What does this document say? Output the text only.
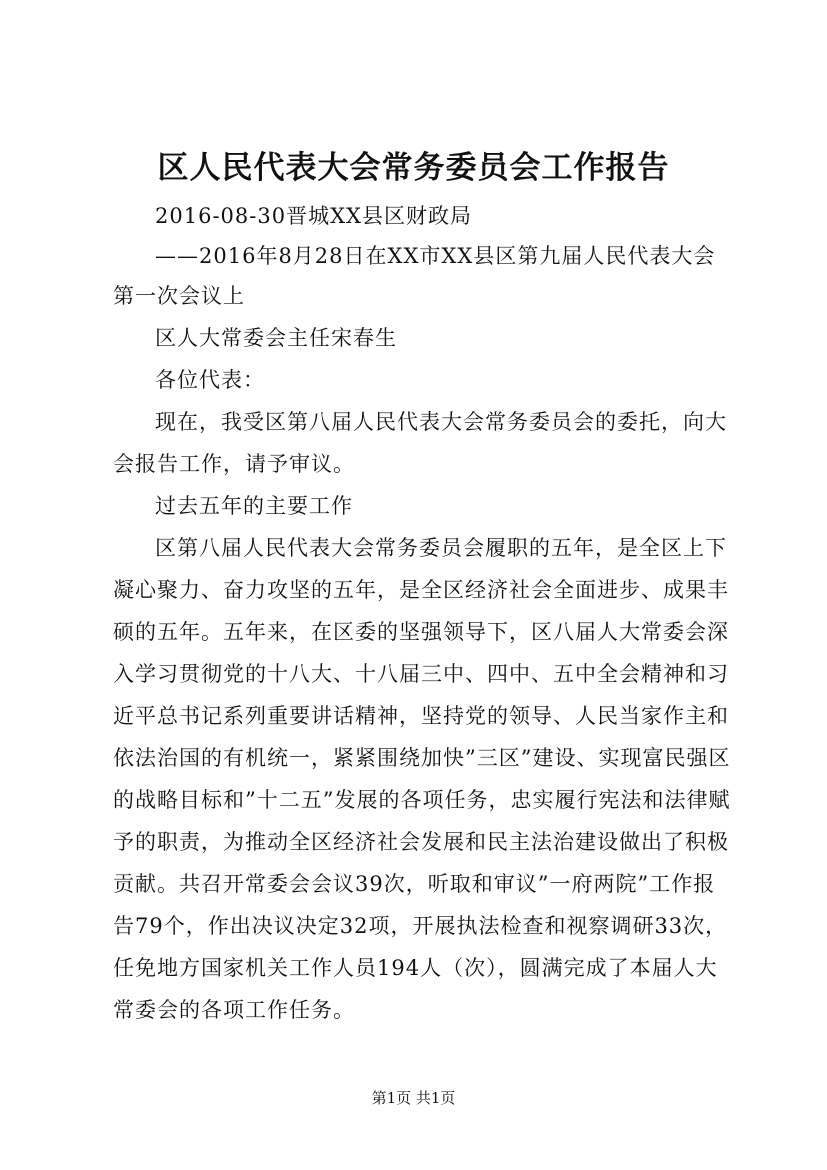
区人民代表大会常务委员会工作报告
2016-08-30晋城XX县区财政局
——2016年8月28日在XX市XX县区第九届人民代表大会
第一次会议上
区人大常委会主任宋春生
各位代表：
现在，我受区第八届人民代表大会常务委员会的委托，向大
会报告工作，请予审议。
过去五年的主要工作
区第八届人民代表大会常务委员会履职的五年，是全区上下
凝心聚力、奋力攻坚的五年，是全区经济社会全面进步、成果丰
硕的五年。五年来，在区委的坚强领导下，区八届人大常委会深
入学习贯彻党的十八大、十八届三中、四中、五中全会精神和习
近平总书记系列重要讲话精神，坚持党的领导、人民当家作主和
依法治国的有机统一，紧紧围绕加快”三区”建设、实现富民强区
的战略目标和”十二五”发展的各项任务，忠实履行宪法和法律赋
予的职责，为推动全区经济社会发展和民主法治建设做出了积极
贡献。共召开常委会会议39次，听取和审议”一府两院”工作报
告79个，作出决议决定32项，开展执法检查和视察调研33次，
任免地方国家机关工作人员194人（次），圆满完成了本届人大
常委会的各项工作任务。
第1页 共1页
